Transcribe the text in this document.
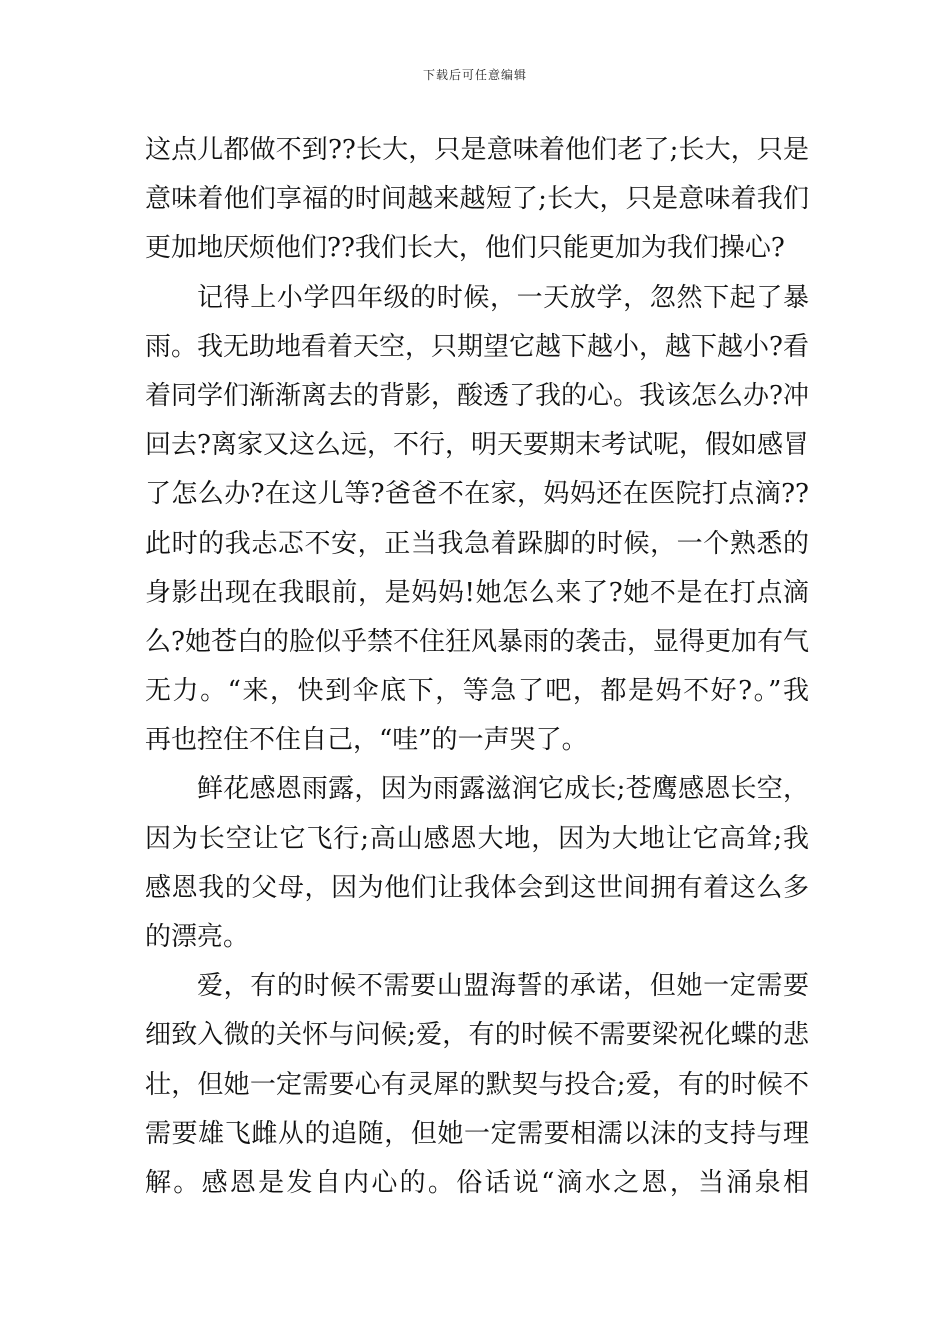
下载后可任意编辑
这点儿都做不到??长大，只是意味着他们老了;长大，只是
意味着他们享福的时间越来越短了;长大，只是意味着我们
更加地厌烦他们??我们长大，他们只能更加为我们操心?
记得上小学四年级的时候，一天放学，忽然下起了暴
雨。我无助地看着天空，只期望它越下越小，越下越小?看
着同学们渐渐离去的背影，酸透了我的心。我该怎么办?冲
回去?离家又这么远，不行，明天要期末考试呢，假如感冒
了怎么办?在这儿等?爸爸不在家，妈妈还在医院打点滴??
此时的我忐忑不安，正当我急着跺脚的时候，一个熟悉的
身影出现在我眼前，是妈妈!她怎么来了?她不是在打点滴
么?她苍白的脸似乎禁不住狂风暴雨的袭击，显得更加有气
无力。“来，快到伞底下，等急了吧，都是妈不好?。”我
再也控住不住自己，“哇”的一声哭了。
鲜花感恩雨露，因为雨露滋润它成长;苍鹰感恩长空，
因为长空让它飞行;高山感恩大地，因为大地让它高耸;我
感恩我的父母，因为他们让我体会到这世间拥有着这么多
的漂亮。
爱，有的时候不需要山盟海誓的承诺，但她一定需要
细致入微的关怀与问候;爱，有的时候不需要梁祝化蝶的悲
壮，但她一定需要心有灵犀的默契与投合;爱，有的时候不
需要雄飞雌从的追随，但她一定需要相濡以沫的支持与理
解。感恩是发自内心的。俗话说“滴水之恩，当涌泉相
